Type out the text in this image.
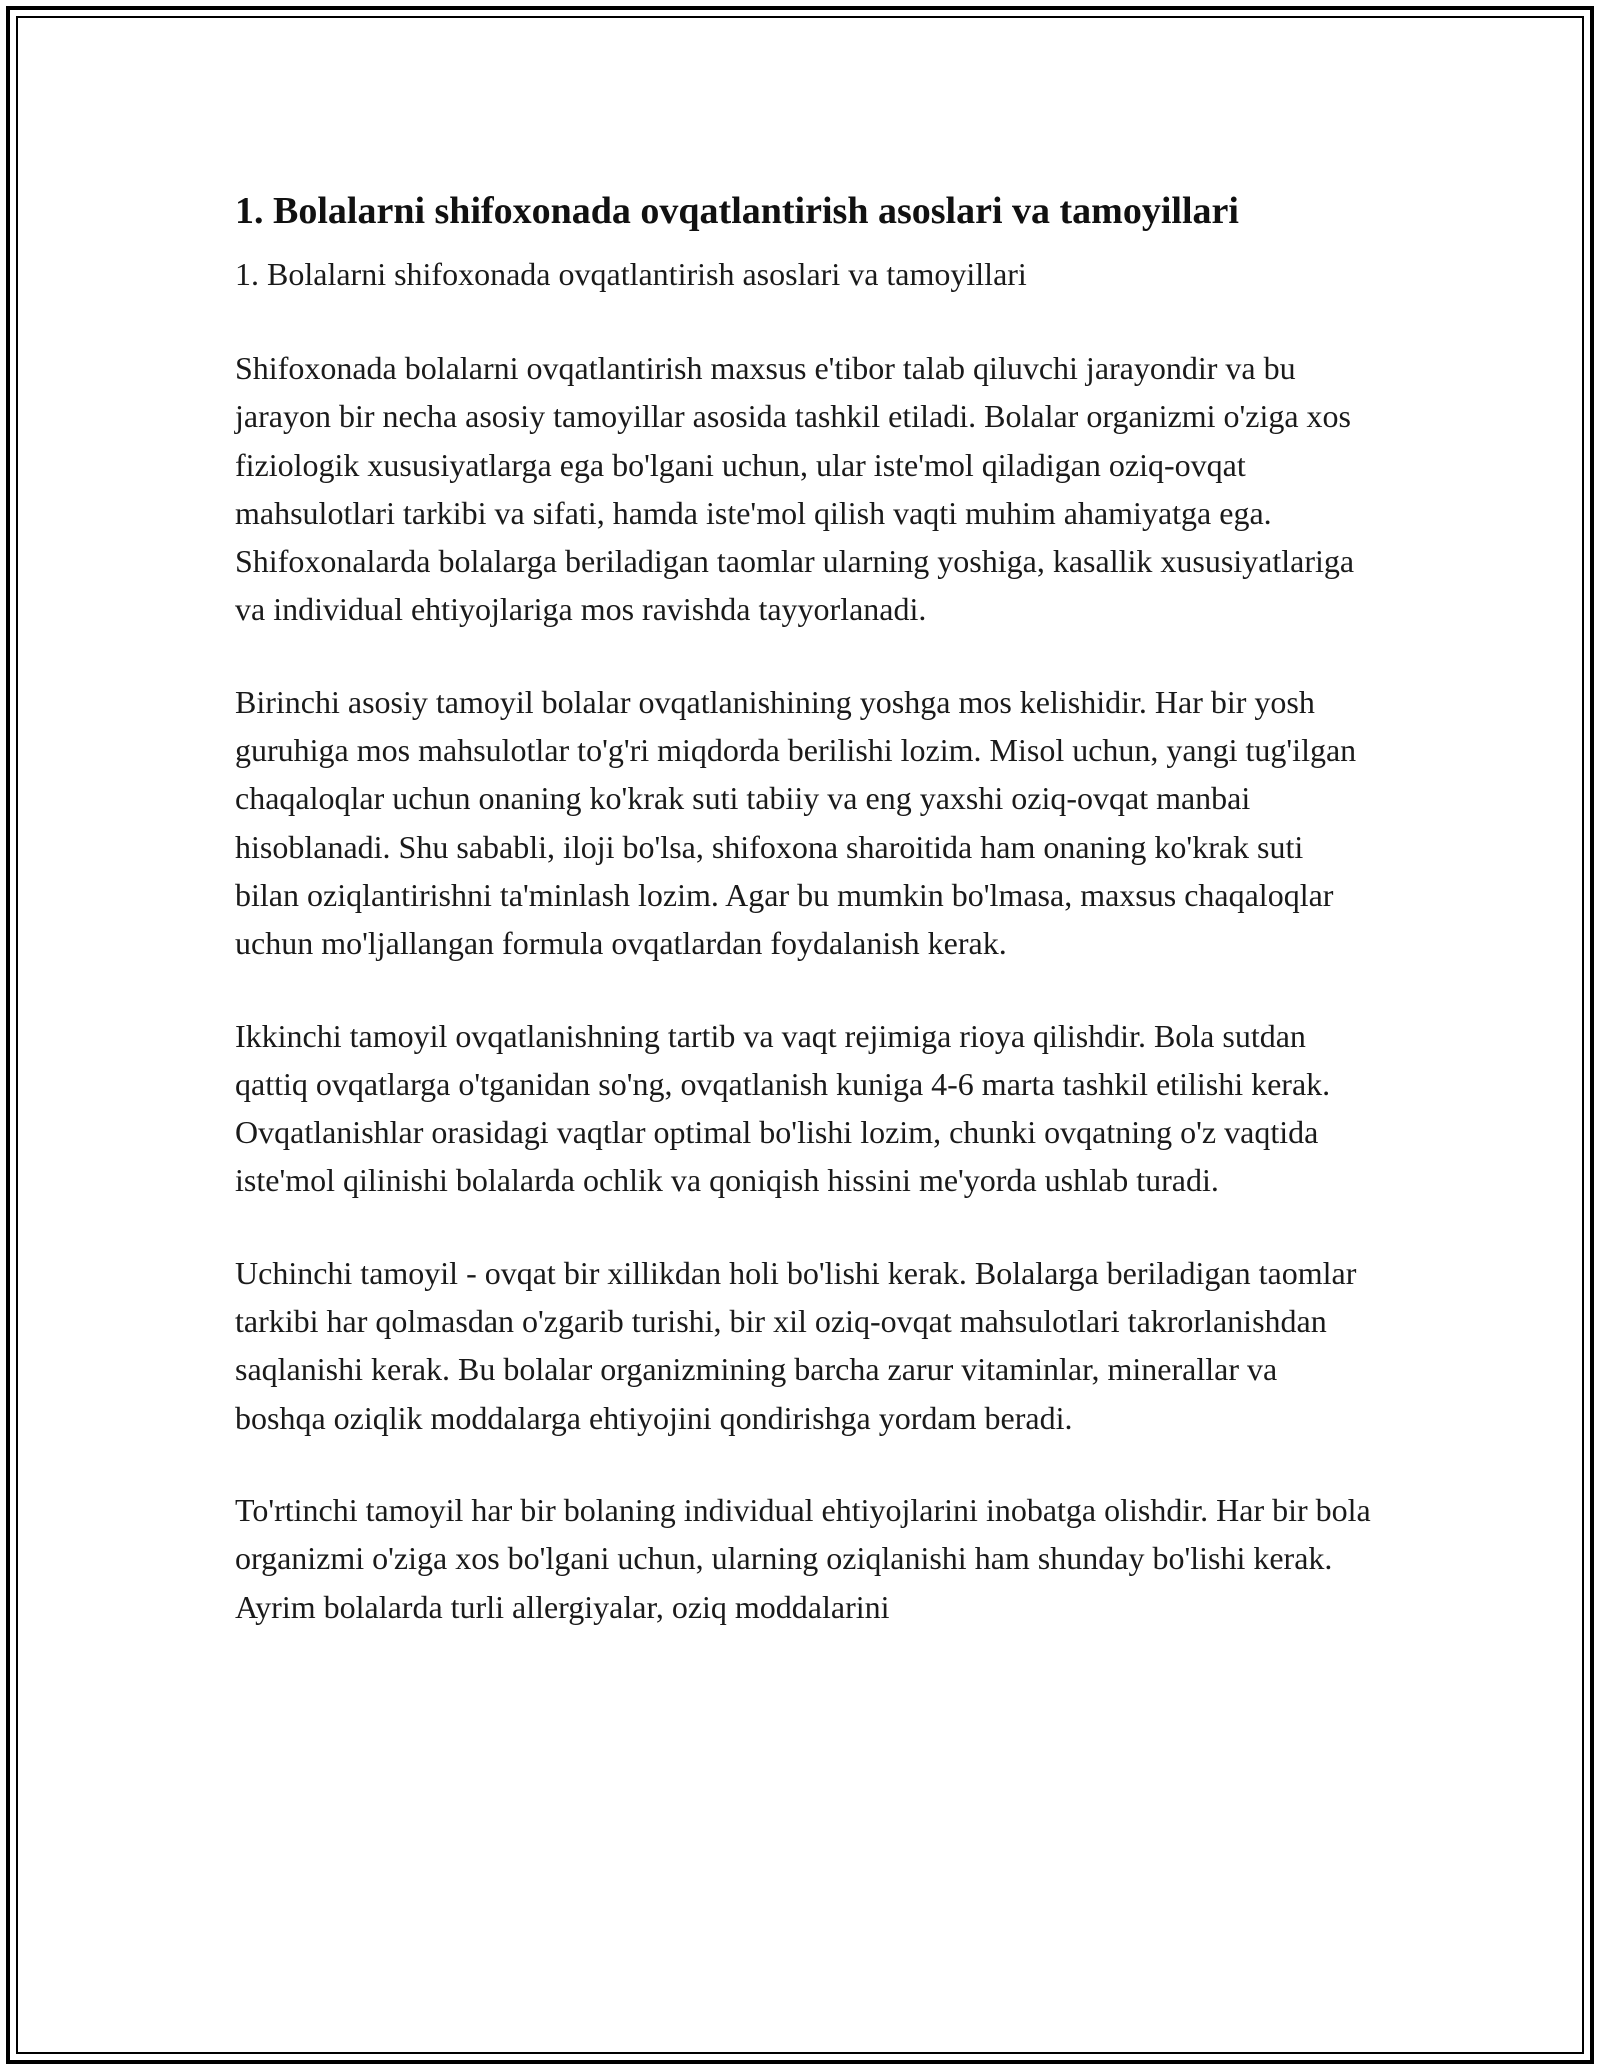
1. Bolalarni shifoxonada ovqatlantirish asoslari va tamoyillari

1. Bolalarni shifoxonada ovqatlantirish asoslari va tamoyillari

Shifoxonada bolalarni ovqatlantirish maxsus e'tibor talab qiluvchi jarayondir va bu jarayon bir necha asosiy tamoyillar asosida tashkil etiladi. Bolalar organizmi o'ziga xos fiziologik xususiyatlarga ega bo'lgani uchun, ular iste'mol qiladigan oziq-ovqat mahsulotlari tarkibi va sifati, hamda iste'mol qilish vaqti muhim ahamiyatga ega. Shifoxonalarda bolalarga beriladigan taomlar ularning yoshiga, kasallik xususiyatlariga va individual ehtiyojlariga mos ravishda tayyorlanadi.

Birinchi asosiy tamoyil bolalar ovqatlanishining yoshga mos kelishidir. Har bir yosh guruhiga mos mahsulotlar to'g'ri miqdorda berilishi lozim. Misol uchun, yangi tug'ilgan chaqaloqlar uchun onaning ko'krak suti tabiiy va eng yaxshi oziq-ovqat manbai hisoblanadi. Shu sababli, iloji bo'lsa, shifoxona sharoitida ham onaning ko'krak suti bilan oziqlantirishni ta'minlash lozim. Agar bu mumkin bo'lmasa, maxsus chaqaloqlar uchun mo'ljallangan formula ovqatlardan foydalanish kerak.

Ikkinchi tamoyil ovqatlanishning tartib va vaqt rejimiga rioya qilishdir. Bola sutdan qattiq ovqatlarga o'tganidan so'ng, ovqatlanish kuniga 4-6 marta tashkil etilishi kerak. Ovqatlanishlar orasidagi vaqtlar optimal bo'lishi lozim, chunki ovqatning o'z vaqtida iste'mol qilinishi bolalarda ochlik va qoniqish hissini me'yorda ushlab turadi.

Uchinchi tamoyil - ovqat bir xillikdan holi bo'lishi kerak. Bolalarga beriladigan taomlar tarkibi har qolmasdan o'zgarib turishi, bir xil oziq-ovqat mahsulotlari takrorlanishdan saqlanishi kerak. Bu bolalar organizmining barcha zarur vitaminlar, minerallar va boshqa oziqlik moddalarga ehtiyojini qondirishga yordam beradi.

To'rtinchi tamoyil har bir bolaning individual ehtiyojlarini inobatga olishdir. Har bir bola organizmi o'ziga xos bo'lgani uchun, ularning oziqlanishi ham shunday bo'lishi kerak. Ayrim bolalarda turli allergiyalar, oziq moddalarini
